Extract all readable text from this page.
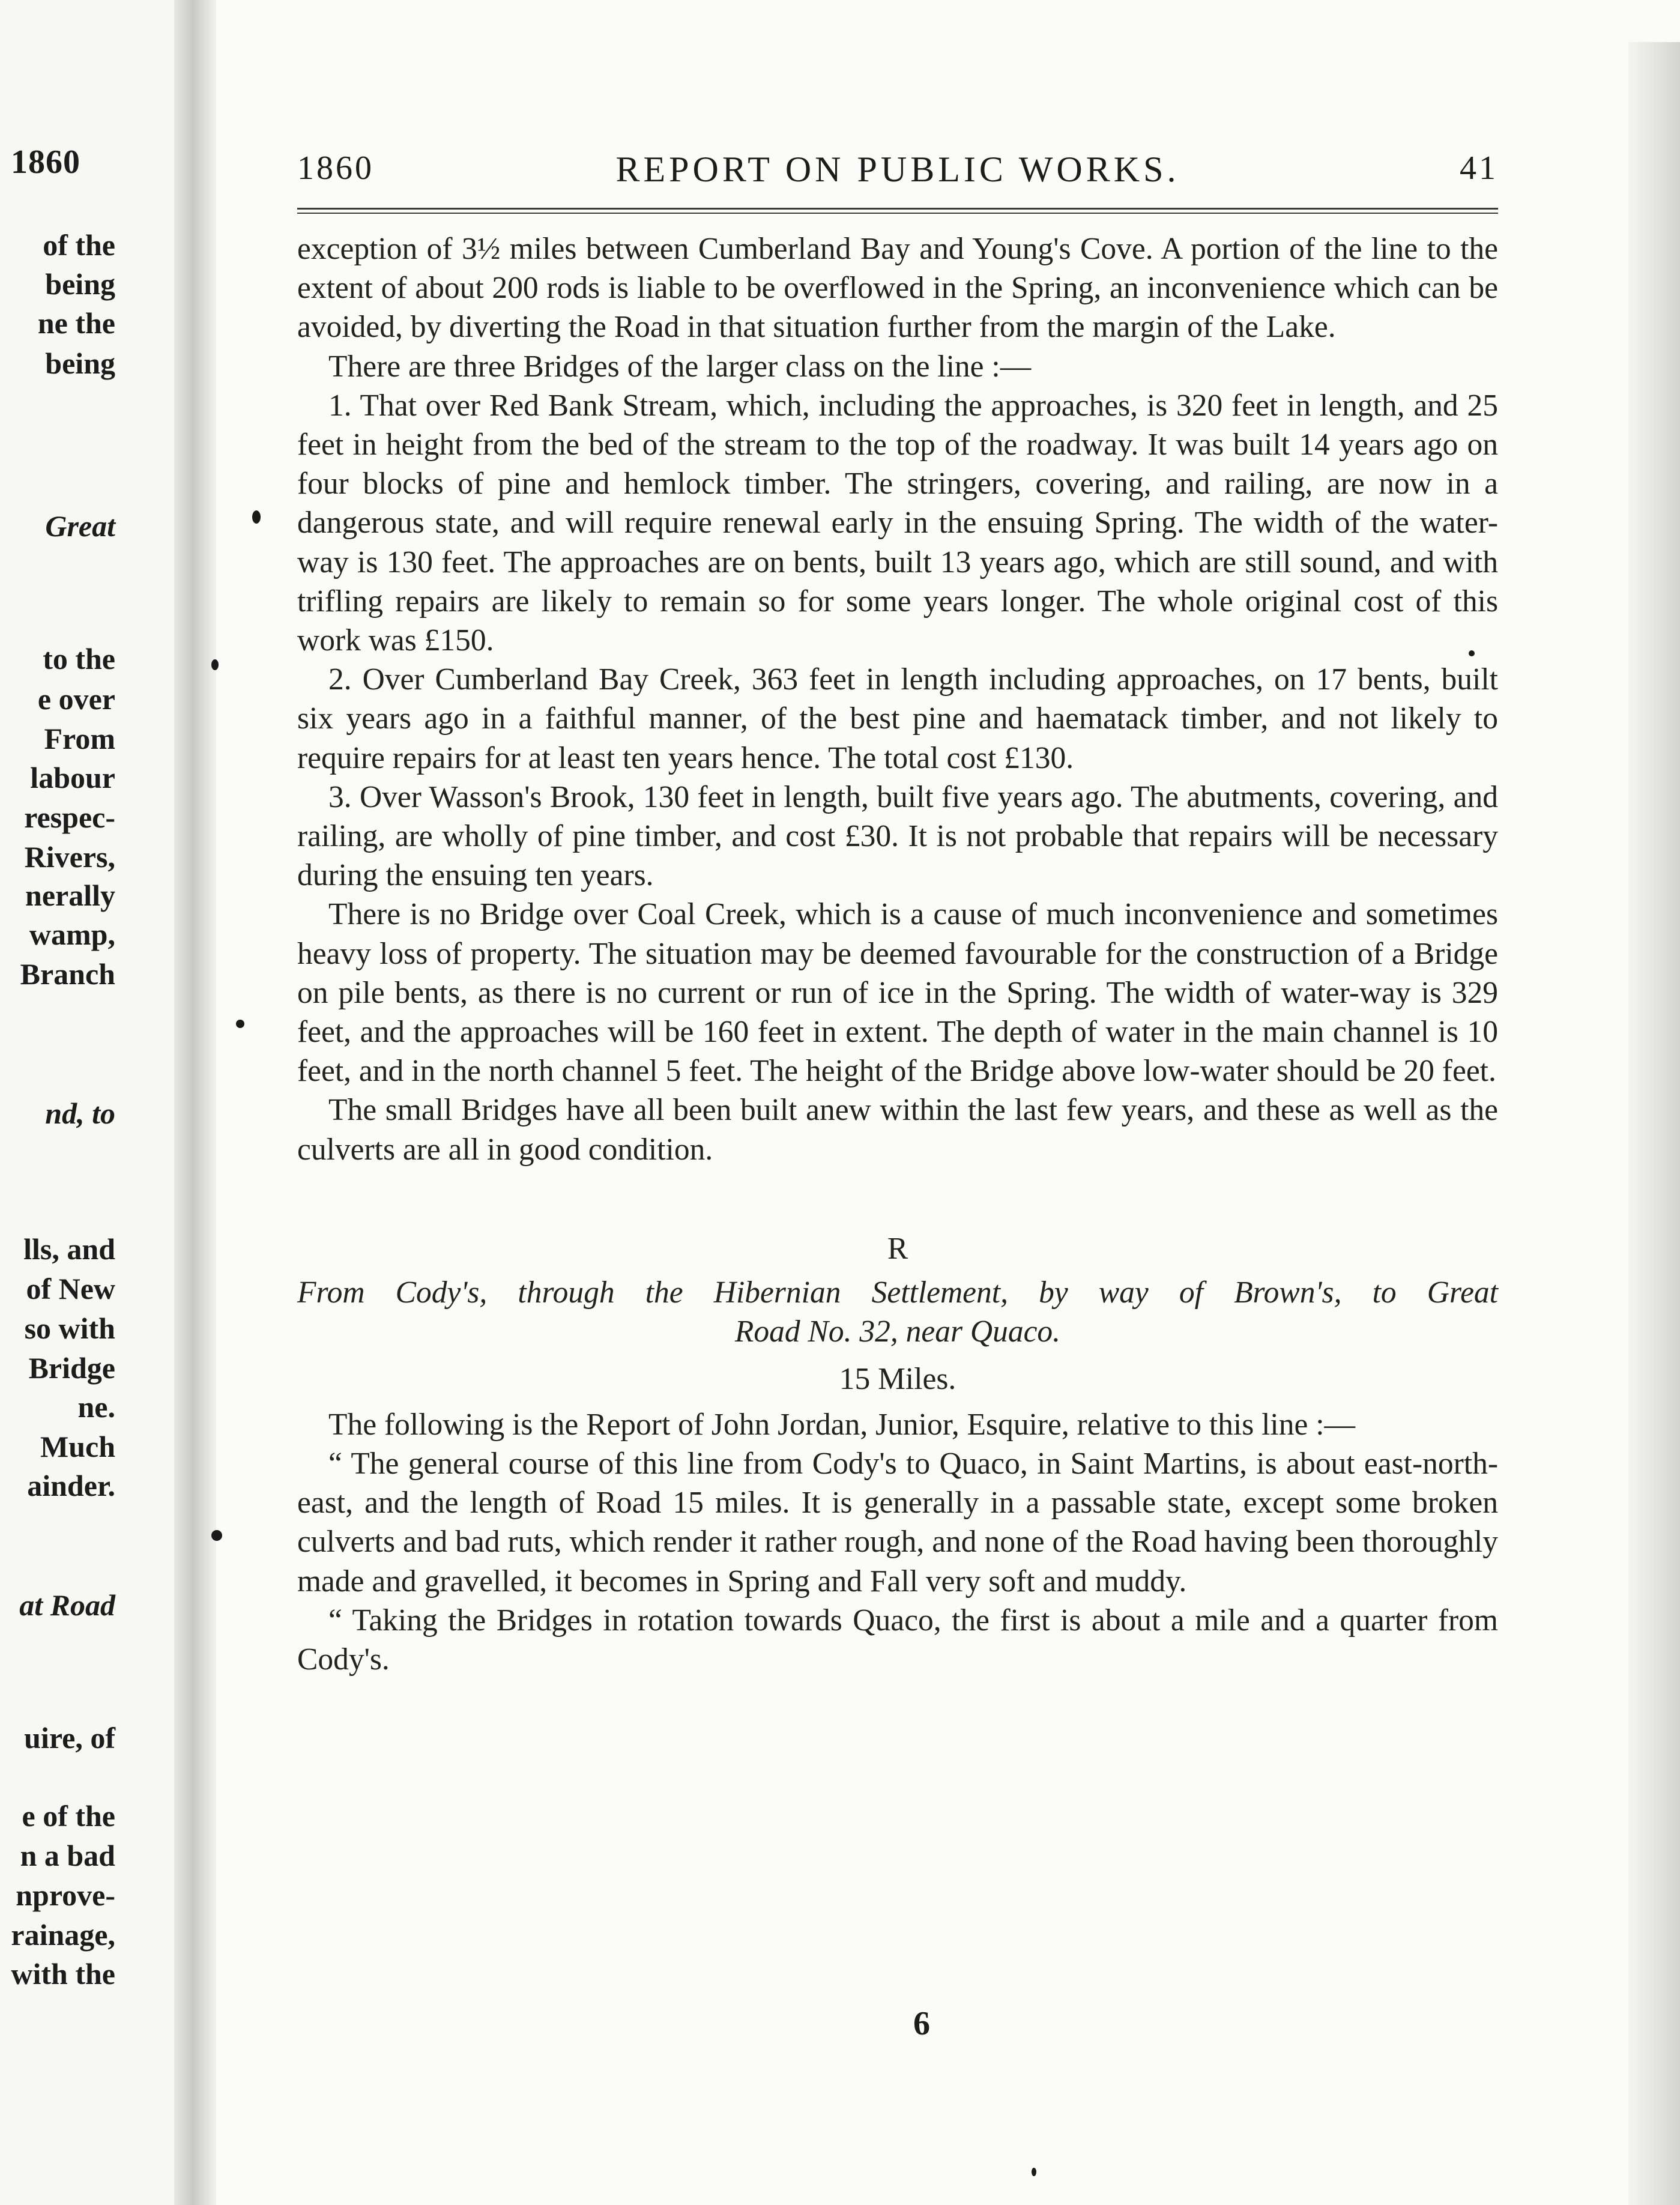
1860
of the
being
ne the
being
Great
to the
e over
From
labour
respec-
Rivers,
nerally
wamp,
Branch
nd, to
lls, and
of New
so with
Bridge
ne.
Much
ainder.
at Road
uire, of
e of the
n a bad
nprove-
rainage,
with the
1860	REPORT ON PUBLIC WORKS.	41

exception of 3½ miles between Cumberland Bay and Young's Cove. A portion of the line to the extent of about 200 rods is liable to be overflowed in the Spring, an inconvenience which can be avoided, by diverting the Road in that situation further from the margin of the Lake.

There are three Bridges of the larger class on the line :—

1. That over Red Bank Stream, which, including the approaches, is 320 feet in length, and 25 feet in height from the bed of the stream to the top of the roadway. It was built 14 years ago on four blocks of pine and hemlock timber. The stringers, covering, and railing, are now in a dangerous state, and will require renewal early in the ensuing Spring. The width of the water-way is 130 feet. The approaches are on bents, built 13 years ago, which are still sound, and with trifling repairs are likely to remain so for some years longer. The whole original cost of this work was £150.

2. Over Cumberland Bay Creek, 363 feet in length including approaches, on 17 bents, built six years ago in a faithful manner, of the best pine and haematack timber, and not likely to require repairs for at least ten years hence. The total cost £130.

3. Over Wasson's Brook, 130 feet in length, built five years ago. The abutments, covering, and railing, are wholly of pine timber, and cost £30. It is not probable that repairs will be necessary during the ensuing ten years.

There is no Bridge over Coal Creek, which is a cause of much inconvenience and sometimes heavy loss of property. The situation may be deemed favourable for the construction of a Bridge on pile bents, as there is no current or run of ice in the Spring. The width of water-way is 329 feet, and the approaches will be 160 feet in extent. The depth of water in the main channel is 10 feet, and in the north channel 5 feet. The height of the Bridge above low-water should be 20 feet.

The small Bridges have all been built anew within the last few years, and these as well as the culverts are all in good condition.

R

From Cody's, through the Hibernian Settlement, by way of Brown's, to Great
Road No. 32, near Quaco.

15 Miles.

The following is the Report of John Jordan, Junior, Esquire, relative to this line :—

“ The general course of this line from Cody's to Quaco, in Saint Martins, is about east-north-east, and the length of Road 15 miles. It is generally in a passable state, except some broken culverts and bad ruts, which render it rather rough, and none of the Road having been thoroughly made and gravelled, it becomes in Spring and Fall very soft and muddy.

“ Taking the Bridges in rotation towards Quaco, the first is about a mile and a quarter from Cody's.

6
